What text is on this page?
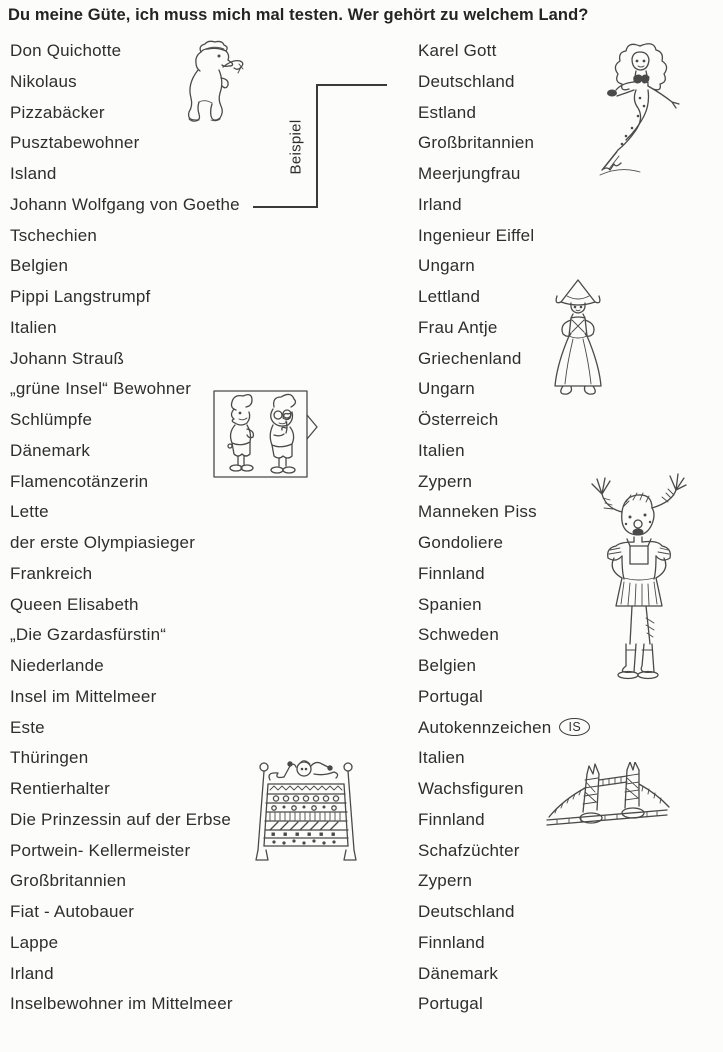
Du meine Güte, ich muss mich mal testen. Wer gehört zu welchem Land?
Don Quichotte
Nikolaus
Pizzabäcker
Pusztabewohner
Island
Johann Wolfgang von Goethe
Tschechien
Belgien
Pippi Langstrumpf
Italien
Johann Strauß
„grüne Insel“ Bewohner
Schlümpfe
Dänemark
Flamencotänzerin
Lette
der erste Olympiasieger
Frankreich
Queen Elisabeth
„Die Gzardasfürstin“
Niederlande
Insel im Mittelmeer
Este
Thüringen
Rentierhalter
Die Prinzessin auf der Erbse
Portwein- Kellermeister
Großbritannien
Fiat - Autobauer
Lappe
Irland
Inselbewohner im Mittelmeer
Karel Gott
Deutschland
Estland
Großbritannien
Meerjungfrau
Irland
Ingenieur Eiffel
Ungarn
Lettland
Frau Antje
Griechenland
Ungarn
Österreich
Italien
Zypern
Manneken Piss
Gondoliere
Finnland
Spanien
Schweden
Belgien
Portugal
Autokennzeichen IS
Italien
Wachsfiguren
Finnland
Schafzüchter
Zypern
Deutschland
Finnland
Dänemark
Portugal
Beispiel
